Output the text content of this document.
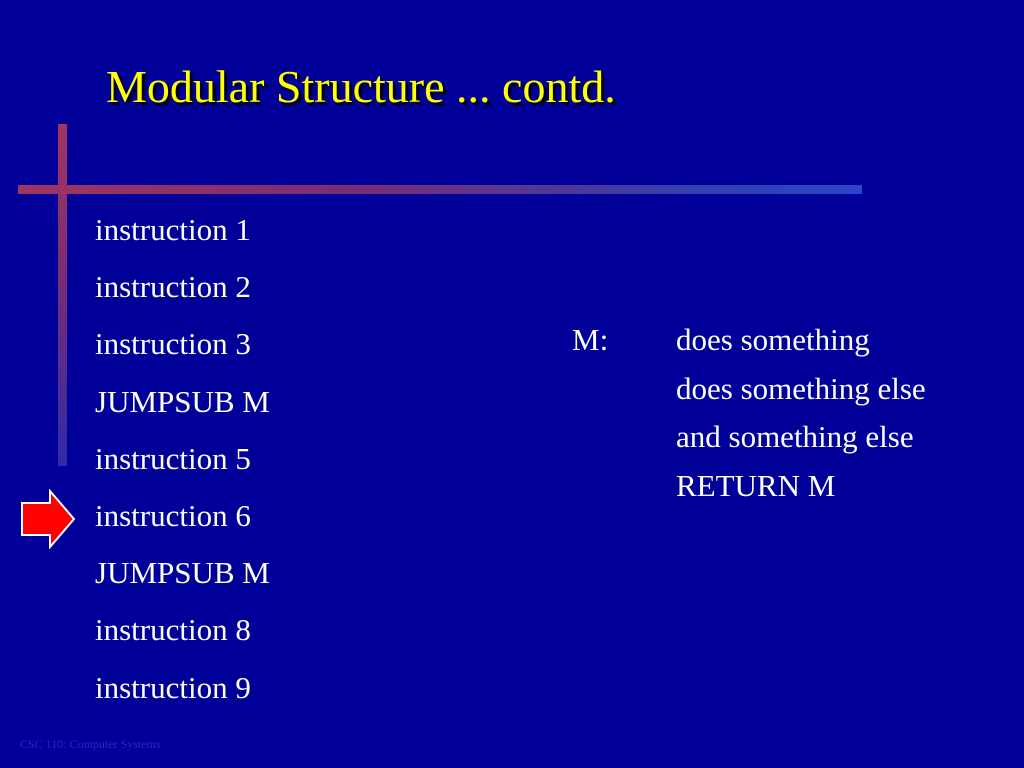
Modular Structure ... contd.
instruction 1
instruction 2
instruction 3
JUMPSUB M
instruction 5
instruction 6
JUMPSUB M
instruction 8
instruction 9
M: does something
does something else
and something else
RETURN M
CSC 110: Computer Systems
